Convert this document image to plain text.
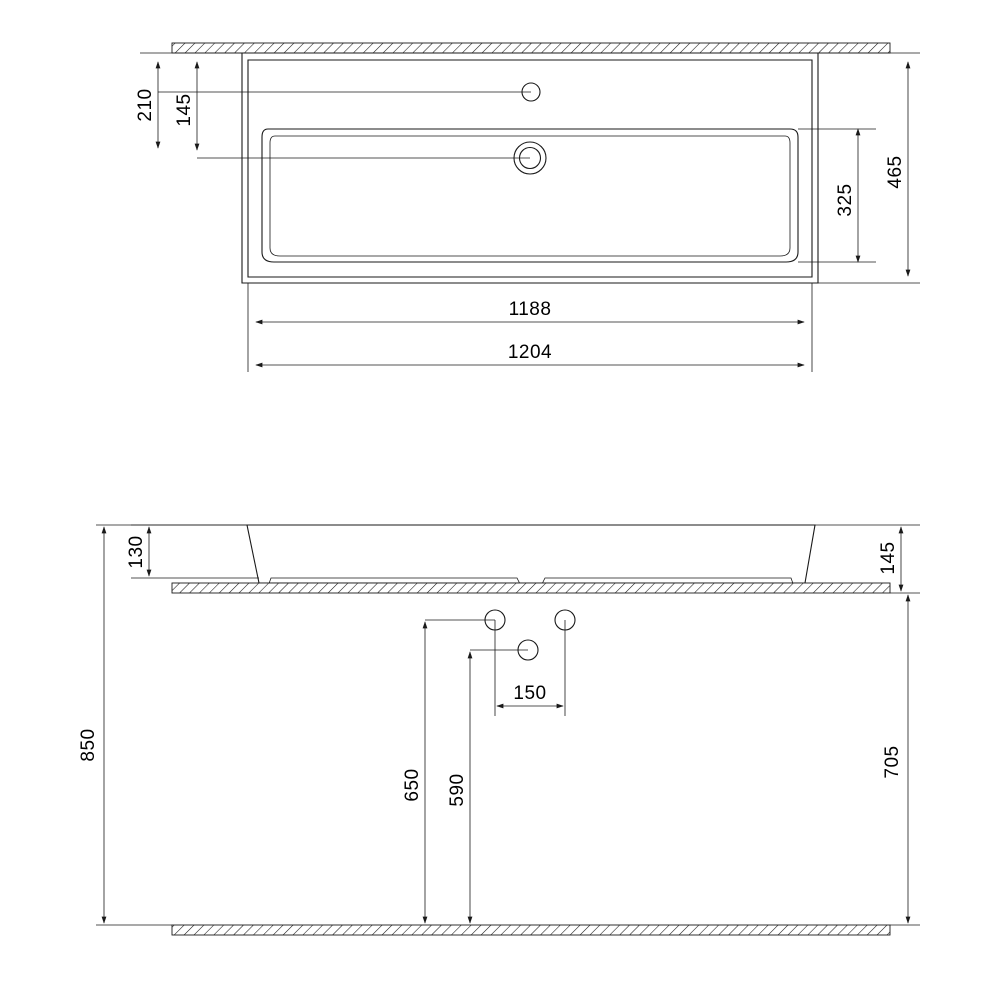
210 145
325
465
1188
1204
130	145
150
650 590
850
705
